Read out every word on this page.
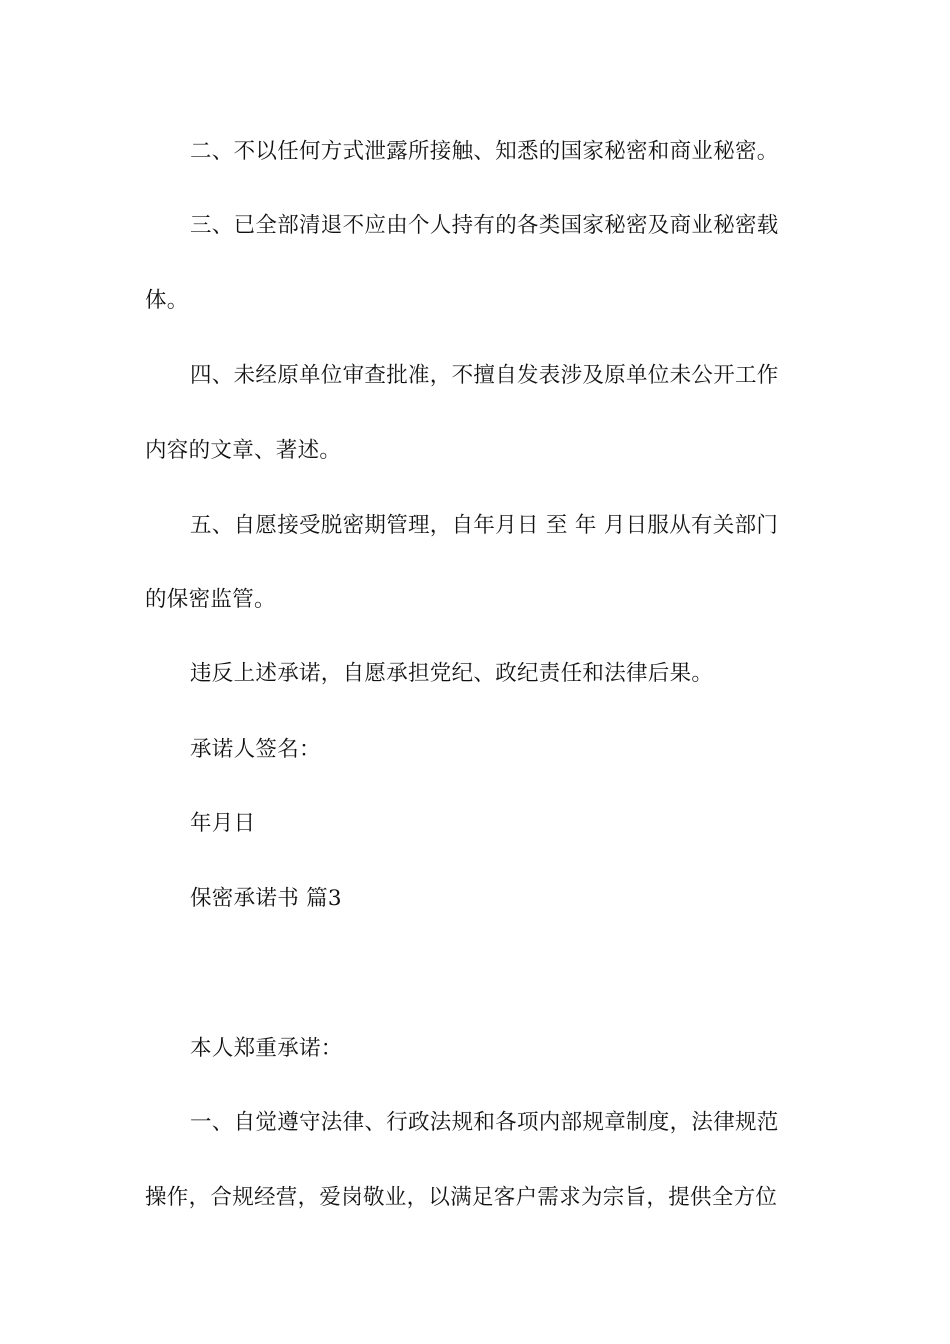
二、不以任何方式泄露所接触、知悉的国家秘密和商业秘密。
三、已全部清退不应由个人持有的各类国家秘密及商业秘密载
体。
四、未经原单位审查批准，不擅自发表涉及原单位未公开工作
内容的文章、著述。
五、自愿接受脱密期管理，自年月日 至 年 月日服从有关部门
的保密监管。
违反上述承诺，自愿承担党纪、政纪责任和法律后果。
承诺人签名：
年月日
保密承诺书 篇3
本人郑重承诺：
一、自觉遵守法律、行政法规和各项内部规章制度，法律规范
操作，合规经营，爱岗敬业，以满足客户需求为宗旨，提供全方位
